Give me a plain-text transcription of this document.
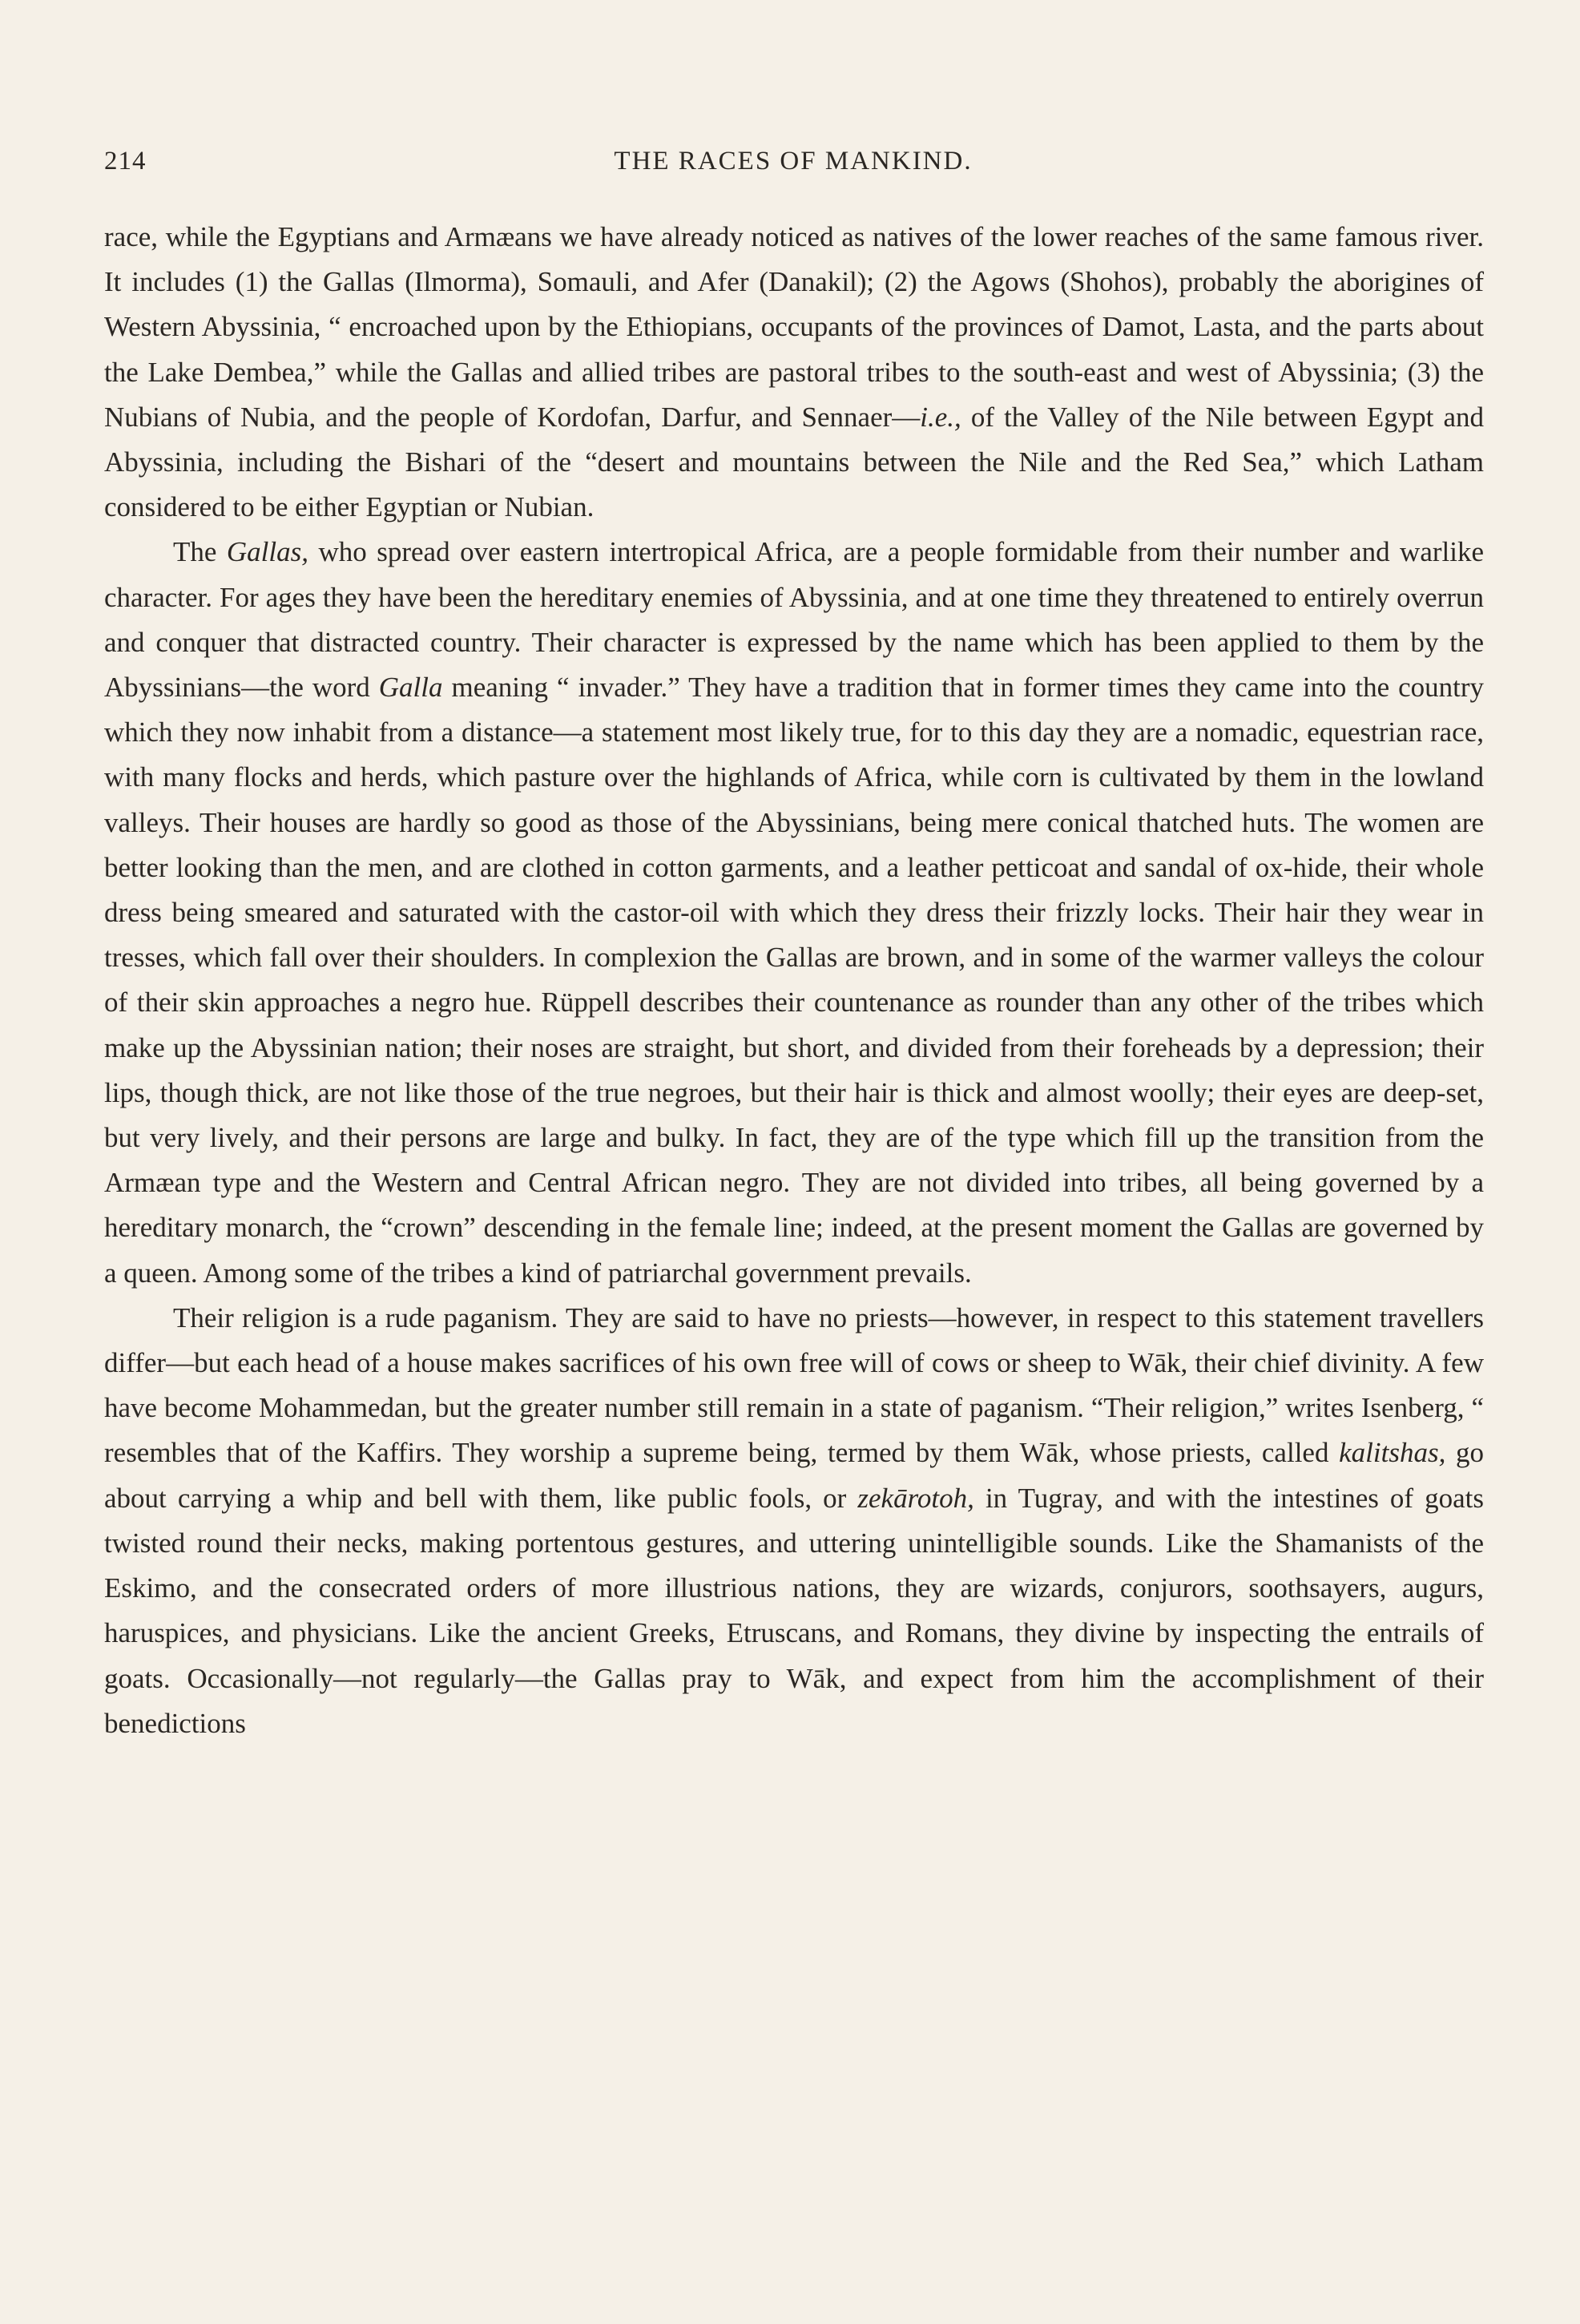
214	THE RACES OF MANKIND.

race, while the Egyptians and Armæans we have already noticed as natives of the lower reaches of the same famous river. It includes (1) the Gallas (Ilmorma), Somauli, and Afer (Danakil); (2) the Agows (Shohos), probably the aborigines of Western Abyssinia, “ encroached upon by the Ethiopians, occupants of the provinces of Damot, Lasta, and the parts about the Lake Dembea,” while the Gallas and allied tribes are pastoral tribes to the south-east and west of Abyssinia; (3) the Nubians of Nubia, and the people of Kordofan, Darfur, and Sennaer—i.e., of the Valley of the Nile between Egypt and Abyssinia, including the Bishari of the “desert and mountains between the Nile and the Red Sea,” which Latham considered to be either Egyptian or Nubian.

The Gallas, who spread over eastern intertropical Africa, are a people formidable from their number and warlike character. For ages they have been the hereditary enemies of Abyssinia, and at one time they threatened to entirely overrun and conquer that distracted country. Their character is expressed by the name which has been applied to them by the Abyssinians—the word Galla meaning “ invader.” They have a tradition that in former times they came into the country which they now inhabit from a distance—a statement most likely true, for to this day they are a nomadic, equestrian race, with many flocks and herds, which pasture over the highlands of Africa, while corn is cultivated by them in the lowland valleys. Their houses are hardly so good as those of the Abyssinians, being mere conical thatched huts. The women are better looking than the men, and are clothed in cotton garments, and a leather petticoat and sandal of ox-hide, their whole dress being smeared and saturated with the castor-oil with which they dress their frizzly locks. Their hair they wear in tresses, which fall over their shoulders. In complexion the Gallas are brown, and in some of the warmer valleys the colour of their skin approaches a negro hue. Rüppell describes their countenance as rounder than any other of the tribes which make up the Abyssinian nation; their noses are straight, but short, and divided from their foreheads by a depression; their lips, though thick, are not like those of the true negroes, but their hair is thick and almost woolly; their eyes are deep-set, but very lively, and their persons are large and bulky. In fact, they are of the type which fill up the transition from the Armæan type and the Western and Central African negro. They are not divided into tribes, all being governed by a hereditary monarch, the “crown” descending in the female line; indeed, at the present moment the Gallas are governed by a queen. Among some of the tribes a kind of patriarchal government prevails.

Their religion is a rude paganism. They are said to have no priests—however, in respect to this statement travellers differ—but each head of a house makes sacrifices of his own free will of cows or sheep to Wāk, their chief divinity. A few have become Mohammedan, but the greater number still remain in a state of paganism. “Their religion,” writes Isenberg, “ resembles that of the Kaffirs. They worship a supreme being, termed by them Wāk, whose priests, called kalitshas, go about carrying a whip and bell with them, like public fools, or zekārotoh, in Tugray, and with the intestines of goats twisted round their necks, making portentous gestures, and uttering unintelligible sounds. Like the Shamanists of the Eskimo, and the consecrated orders of more illustrious nations, they are wizards, conjurors, soothsayers, augurs, haruspices, and physicians. Like the ancient Greeks, Etruscans, and Romans, they divine by inspecting the entrails of goats. Occasionally—not regularly—the Gallas pray to Wāk, and expect from him the accomplishment of their benedictions
